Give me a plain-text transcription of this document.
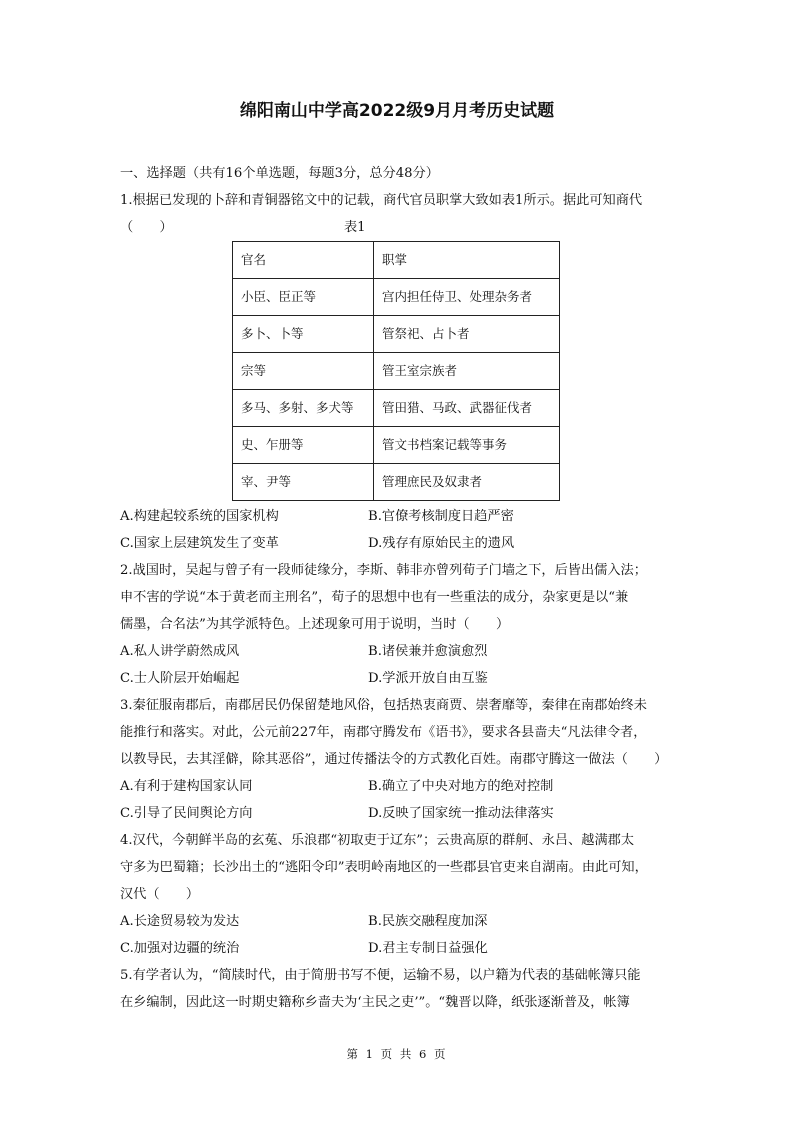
绵阳南山中学高2022级9月月考历史试题

一、选择题（共有16个单选题，每题3分，总分48分）

1.根据已发现的卜辞和青铜器铭文中的记载，商代官员职掌大致如表1所示。据此可知商代

（　　）	表1
官名	职掌
小臣、臣正等	宫内担任侍卫、处理杂务者
多卜、卜等	管祭祀、占卜者
宗等	管王室宗族者
多马、多射、多犬等	管田猎、马政、武器征伐者
史、乍册等	管文书档案记载等事务
宰、尹等	管理庶民及奴隶者
A.构建起较系统的国家机构	B.官僚考核制度日趋严密
C.国家上层建筑发生了变革	D.残存有原始民主的遗风

2.战国时，吴起与曾子有一段师徒缘分，李斯、韩非亦曾列荀子门墙之下，后皆出儒入法；

申不害的学说“本于黄老而主刑名”，荀子的思想中也有一些重法的成分，杂家更是以“兼

儒墨，合名法”为其学派特色。上述现象可用于说明，当时（　　）

A.私人讲学蔚然成风	B.诸侯兼并愈演愈烈
C.士人阶层开始崛起	D.学派开放自由互鉴

3.秦征服南郡后，南郡居民仍保留楚地风俗，包括热衷商贾、崇奢靡等，秦律在南郡始终未

能推行和落实。对此，公元前227年，南郡守腾发布《语书》，要求各县啬夫“凡法律令者，

以教导民，去其淫僻，除其恶俗”，通过传播法令的方式教化百姓。南郡守腾这一做法（　　）

A.有利于建构国家认同	B.确立了中央对地方的绝对控制
C.引导了民间舆论方向	D.反映了国家统一推动法律落实

4.汉代，今朝鲜半岛的玄菟、乐浪郡“初取吏于辽东”；云贵高原的群舸、永吕、越满郡太

守多为巴蜀籍；长沙出土的“逃阳令印”表明岭南地区的一些郡县官吏来自湖南。由此可知，

汉代（　　）

A.长途贸易较为发达	B.民族交融程度加深
C.加强对边疆的统治	D.君主专制日益强化

5.有学者认为，“简牍时代，由于简册书写不便，运输不易，以户籍为代表的基础帐簿只能

在乡编制，因此这一时期史籍称乡啬夫为‘主民之吏’”。“魏晋以降，纸张逐渐普及，帐簿

第 1 页 共 6 页
